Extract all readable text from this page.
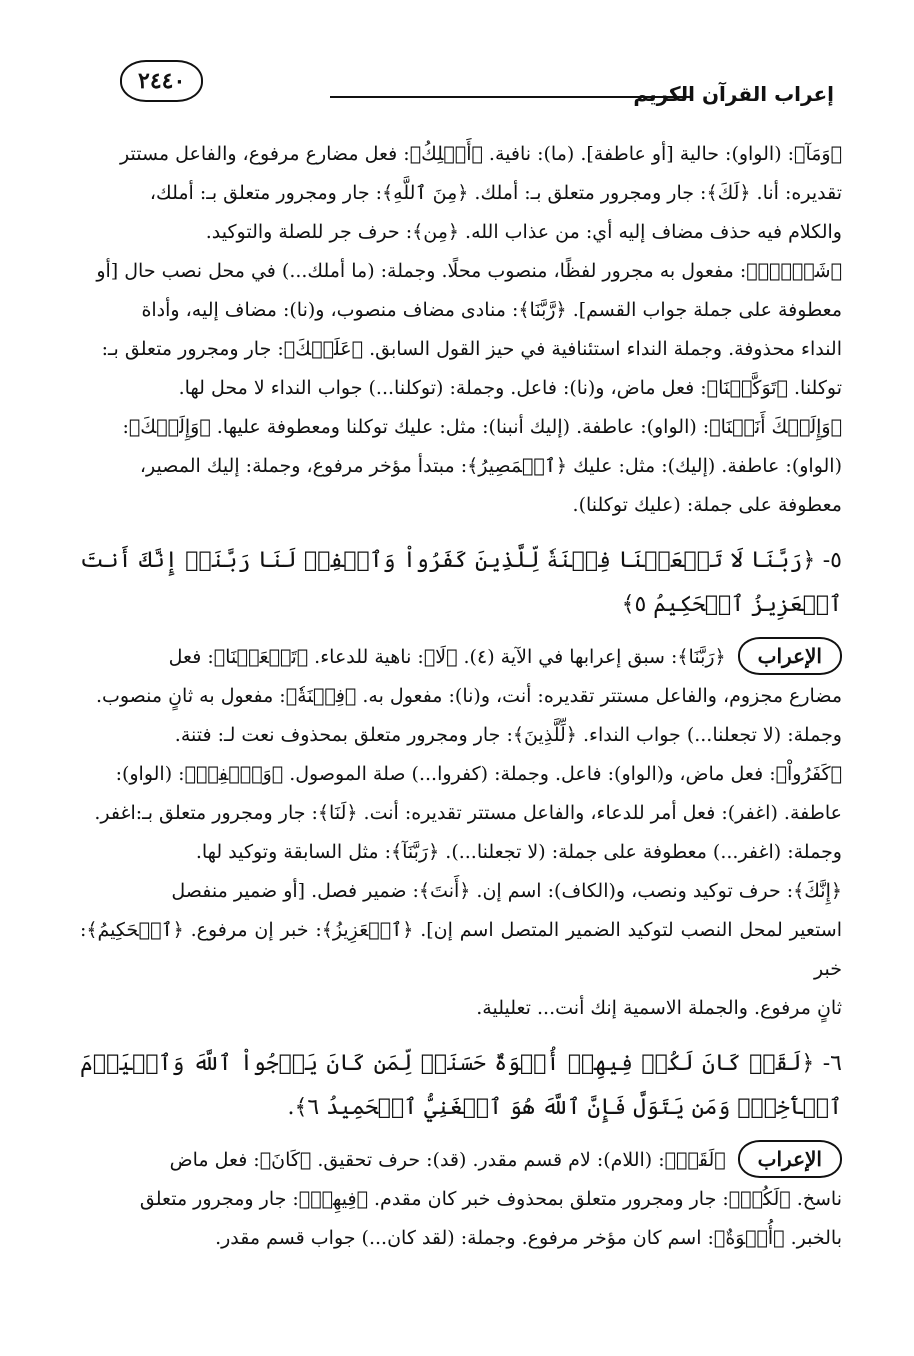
إعراب القرآن الكريم
٢٤٤٠
﴿وَمَآ﴾: (الواو): حالية [أو عاطفة]. (ما): نافية. ﴿أَمۡلِكُ﴾: فعل مضارع مرفوع، والفاعل مستتر
تقديره: أنا. ﴿لَكَ﴾: جار ومجرور متعلق بـ: أملك. ﴿مِنَ ٱللَّهِ﴾: جار ومجرور متعلق بـ: أملك،
والكلام فيه حذف مضاف إليه أي: من عذاب الله. ﴿مِن﴾: حرف جر للصلة والتوكيد.
﴿شَيۡءٍۖ﴾: مفعول به مجرور لفظًا، منصوب محلًا. وجملة: (ما أملك...) في محل نصب حال [أو
معطوفة على جملة جواب القسم]. ﴿رَّبَّنَا﴾: منادى مضاف منصوب، و(نا): مضاف إليه، وأداة
النداء محذوفة. وجملة النداء استئنافية في حيز القول السابق. ﴿عَلَيۡكَ﴾: جار ومجرور متعلق بـ:
توكلنا. ﴿تَوَكَّلۡنَا﴾: فعل ماض، و(نا): فاعل. وجملة: (توكلنا...) جواب النداء لا محل لها.
﴿وَإِلَيۡكَ أَنَبۡنَا﴾: (الواو): عاطفة. (إليك أنبنا): مثل: عليك توكلنا ومعطوفة عليها. ﴿وَإِلَيۡكَ﴾:
(الواو): عاطفة. (إليك): مثل: عليك ﴿ٱلۡمَصِيرُ﴾: مبتدأ مؤخر مرفوع، وجملة: إليك المصير،
معطوفة على جملة: (عليك توكلنا).
٥- ﴿رَبَّنَا لَا تَجۡعَلۡنَا فِتۡنَةٗ لِّلَّذِينَ كَفَرُواْ وَٱغۡفِرۡ لَنَا رَبَّنَآۖ إِنَّكَ أَنتَ ٱلۡعَزِيزُ ٱلۡحَكِيمُ ٥﴾
الإعراب﴿رَبَّنَا﴾: سبق إعرابها في الآية (٤). ﴿لَا﴾: ناهية للدعاء. ﴿تَجۡعَلۡنَا﴾: فعل
مضارع مجزوم، والفاعل مستتر تقديره: أنت، و(نا): مفعول به. ﴿فِتۡنَةٗ﴾: مفعول به ثانٍ منصوب.
وجملة: (لا تجعلنا...) جواب النداء. ﴿لِّلَّذِينَ﴾: جار ومجرور متعلق بمحذوف نعت لـ: فتنة.
﴿كَفَرُواْ﴾: فعل ماض، و(الواو): فاعل. وجملة: (كفروا...) صلة الموصول. ﴿وَٱغۡفِرۡ﴾: (الواو):
عاطفة. (اغفر): فعل أمر للدعاء، والفاعل مستتر تقديره: أنت. ﴿لَنَا﴾: جار ومجرور متعلق بـ:اغفر.
وجملة: (اغفر...) معطوفة على جملة: (لا تجعلنا...). ﴿رَبَّنَآ﴾: مثل السابقة وتوكيد لها.
﴿إِنَّكَ﴾: حرف توكيد ونصب، و(الكاف): اسم إن. ﴿أَنتَ﴾: ضمير فصل. [أو ضمير منفصل
استعير لمحل النصب لتوكيد الضمير المتصل اسم إن]. ﴿ٱلۡعَزِيزُ﴾: خبر إن مرفوع. ﴿ٱلۡحَكِيمُ﴾: خبر
ثانٍ مرفوع. والجملة الاسمية إنك أنت... تعليلية.
٦- ﴿لَقَدۡ كَانَ لَكُمۡ فِيهِمۡ أُسۡوَةٌ حَسَنَةٞ لِّمَن كَانَ يَرۡجُواْ ٱللَّهَ وَٱلۡيَوۡمَ ٱلۡأٓخِرَۚ وَمَن يَتَوَلَّ فَإِنَّ ٱللَّهَ هُوَ ٱلۡغَنِيُّ ٱلۡحَمِيدُ ٦﴾.
الإعراب﴿لَقَدۡ﴾: (اللام): لام قسم مقدر. (قد): حرف تحقيق. ﴿كَانَ﴾: فعل ماض
ناسخ. ﴿لَكُمۡ﴾: جار ومجرور متعلق بمحذوف خبر كان مقدم. ﴿فِيهِمۡ﴾: جار ومجرور متعلق
بالخبر. ﴿أُسۡوَةٌ﴾: اسم كان مؤخر مرفوع. وجملة: (لقد كان...) جواب قسم مقدر.
